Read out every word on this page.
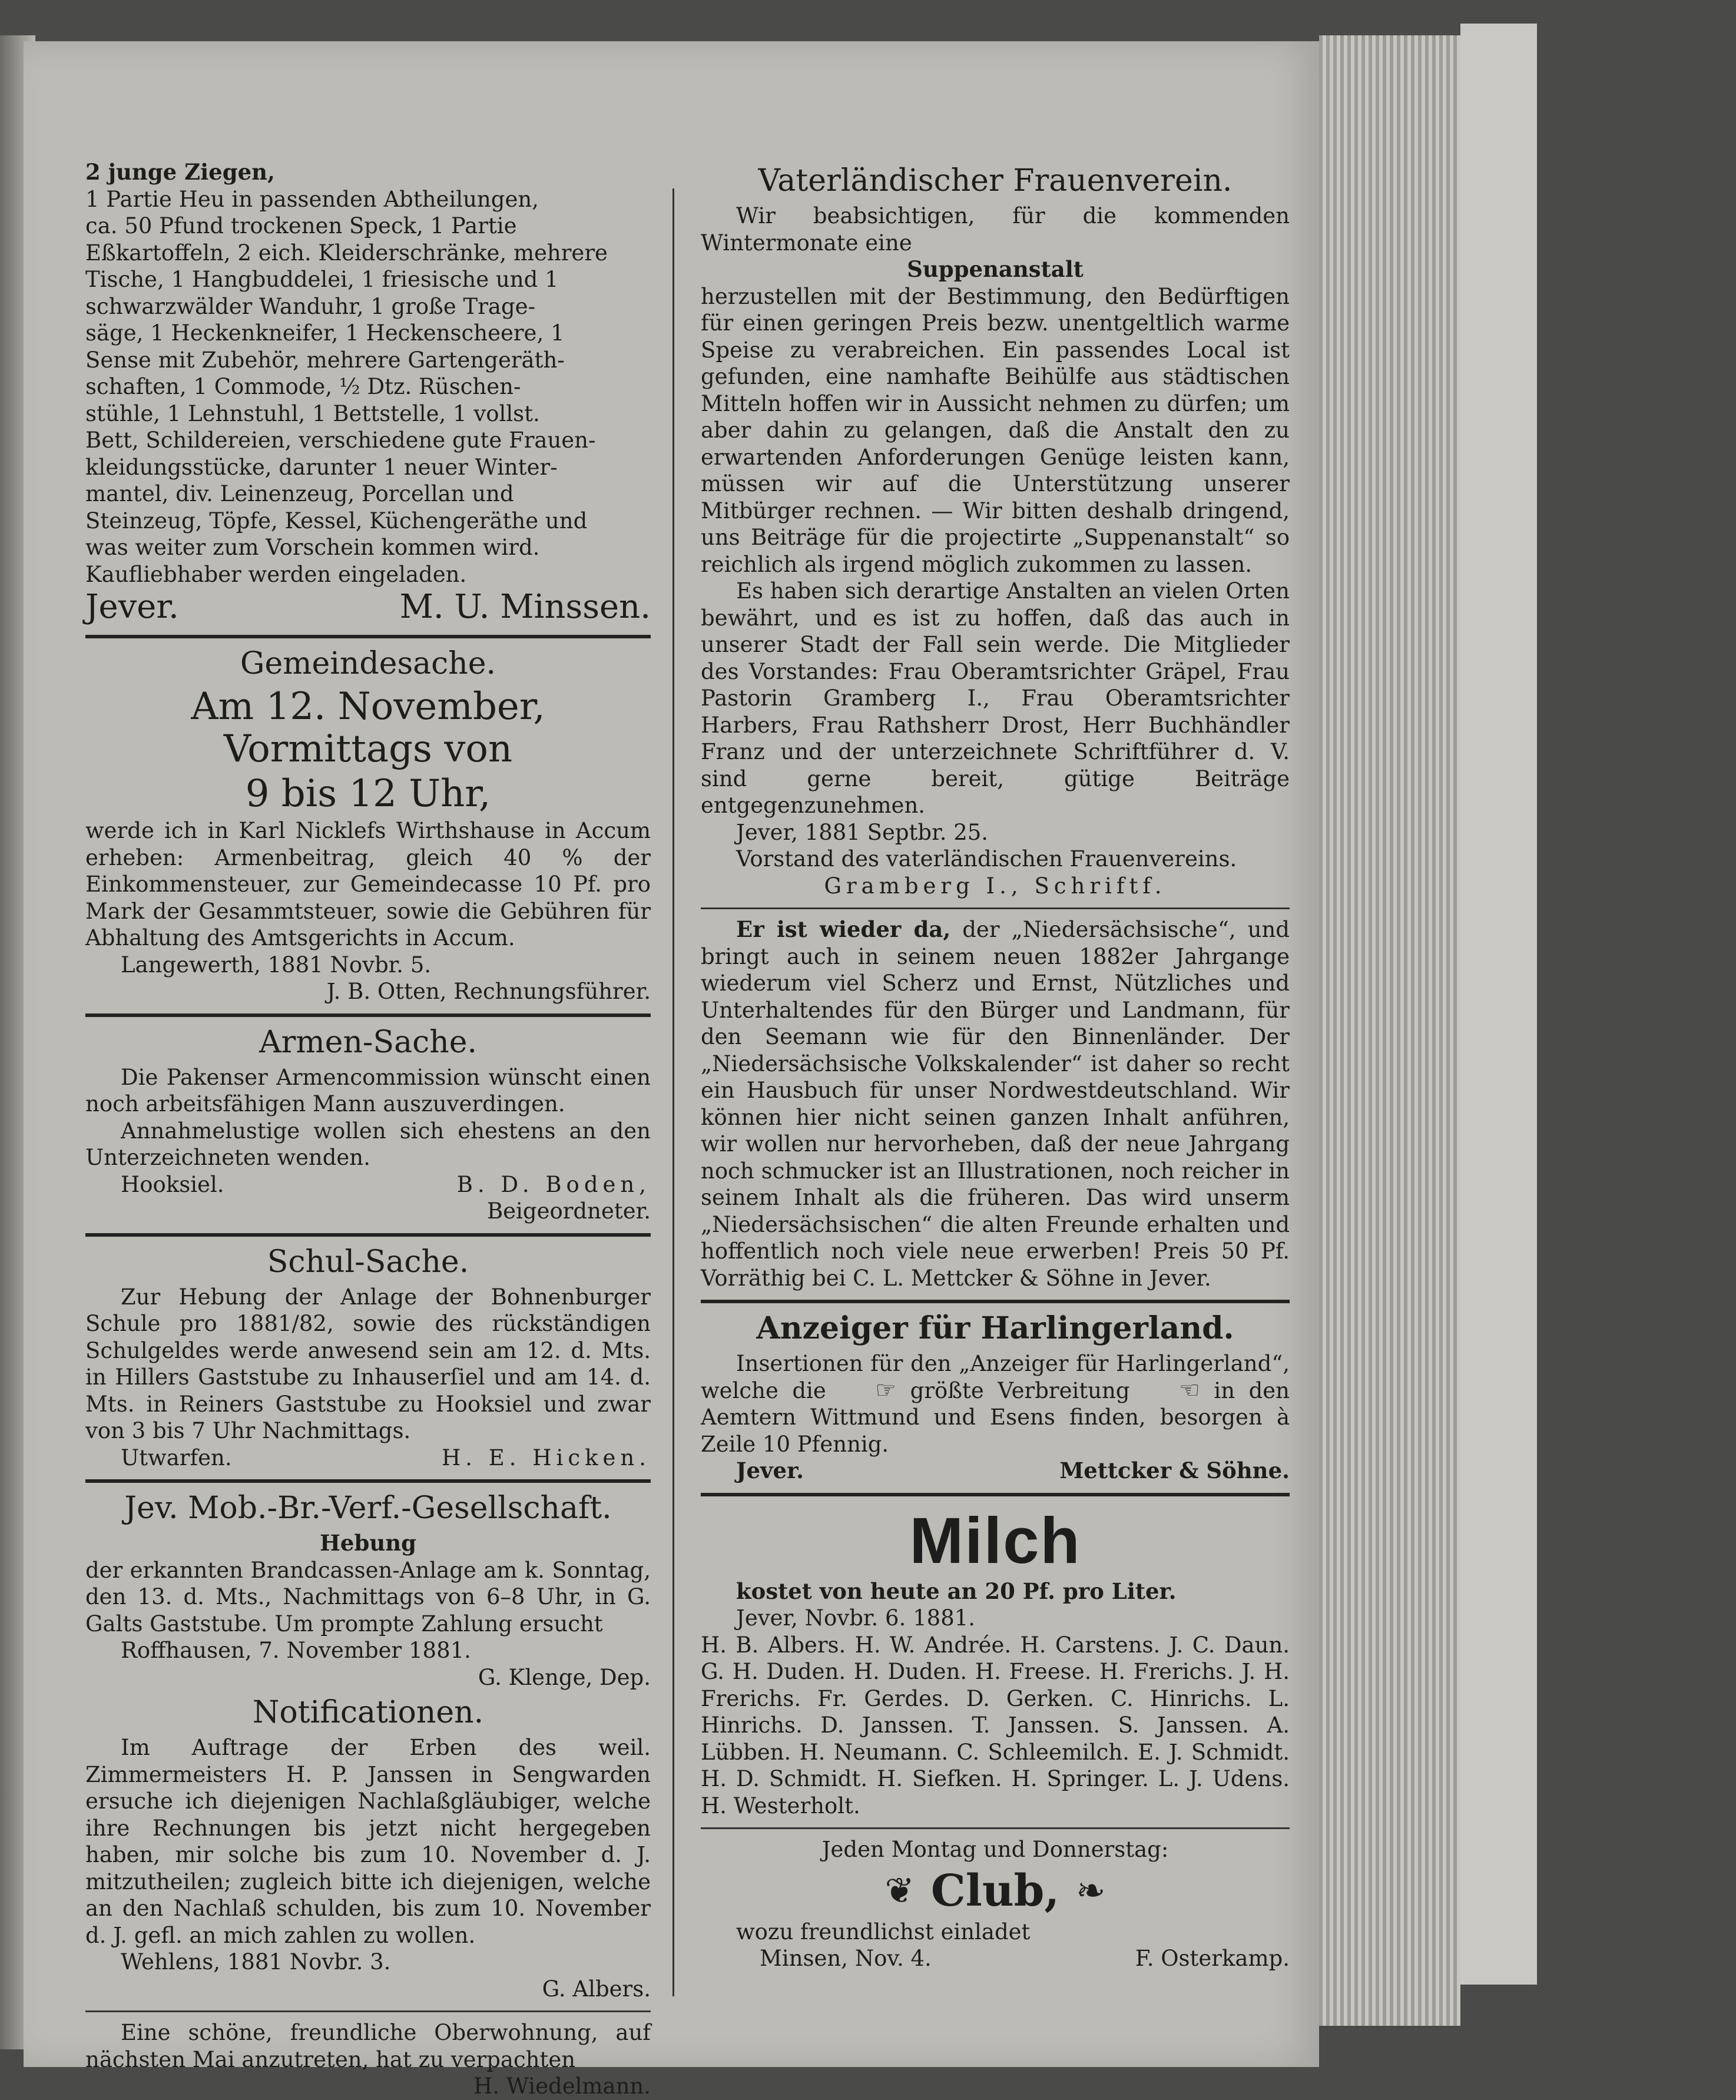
2 junge Ziegen,

1 Partie Heu in passenden Abtheilungen,

ca. 50 Pfund trockenen Speck, 1 Partie

Eßkartoffeln, 2 eich. Kleiderschränke, mehrere

Tische, 1 Hangbuddelei, 1 friesische und 1

schwarzwälder Wanduhr, 1 große Trage-

säge, 1 Heckenkneifer, 1 Heckenscheere, 1

Sense mit Zubehör, mehrere Gartengeräth-

schaften, 1 Commode, ½ Dtz. Rüschen-

stühle, 1 Lehnstuhl, 1 Bettstelle, 1 vollst.

Bett, Schildereien, verschiedene gute Frauen-

kleidungsstücke, darunter 1 neuer Winter-

mantel, div. Leinenzeug, Porcellan und

Steinzeug, Töpfe, Kessel, Küchengeräthe und

was weiter zum Vorschein kommen wird.

Kaufliebhaber werden eingeladen.

Jever.	M. U. Minssen.
Gemeindesache.
Am 12. November, Vormittags von
9 bis 12 Uhr,

werde ich in Karl Nicklefs Wirthshause in Accum erheben: Armenbeitrag, gleich 40 % der Einkommensteuer, zur Gemeindecasse 10 Pf. pro Mark der Gesammtsteuer, sowie die Gebühren für Abhaltung des Amtsgerichts in Accum.

Langewerth, 1881 Novbr. 5.

J. B. Otten, Rechnungsführer.

Armen-Sache.

Die Pakenser Armencommission wünscht einen noch arbeitsfähigen Mann auszuverdingen.

Annahmelustige wollen sich ehestens an den Unterzeichneten wenden.

Hooksiel.	B. D. Boden,

Beigeordneter.

Schul-Sache.

Zur Hebung der Anlage der Bohnenburger Schule pro 1881/82, sowie des rückständigen Schulgeldes werde anwesend sein am 12. d. Mts. in Hillers Gaststube zu Inhauserſiel und am 14. d. Mts. in Reiners Gaststube zu Hooksiel und zwar von 3 bis 7 Uhr Nachmittags.

Utwarfen.	H. E. Hicken.
Jev. Mob.-Br.-Verf.-Gesellschaft.

Hebung

der erkannten Brandcassen-Anlage am k. Sonntag, den 13. d. Mts., Nachmittags von 6–8 Uhr, in G. Galts Gaststube. Um prompte Zahlung ersucht

Roffhausen, 7. November 1881.

G. Klenge, Dep.

Notificationen.

Im Auftrage der Erben des weil. Zimmermeisters H. P. Janssen in Sengwarden ersuche ich diejenigen Nachlaßgläubiger, welche ihre Rechnungen bis jetzt nicht hergegeben haben, mir solche bis zum 10. November d. J. mitzutheilen; zugleich bitte ich diejenigen, welche an den Nachlaß schulden, bis zum 10. November d. J. gefl. an mich zahlen zu wollen.

Wehlens, 1881 Novbr. 3.

G. Albers.

Eine schöne, freundliche Oberwohnung, auf nächsten Mai anzutreten, hat zu verpachten

H. Wiedelmann.

Vaterländischer Frauenverein.

Wir beabsichtigen, für die kommenden Wintermonate eine

Suppenanstalt

herzustellen mit der Bestimmung, den Bedürftigen für einen geringen Preis bezw. unentgeltlich warme Speise zu verabreichen. Ein passendes Local ist gefunden, eine namhafte Beihülfe aus städtischen Mitteln hoffen wir in Aussicht nehmen zu dürfen; um aber dahin zu gelangen, daß die Anstalt den zu erwartenden Anforderungen Genüge leisten kann, müssen wir auf die Unterstützung unserer Mitbürger rechnen. — Wir bitten deshalb dringend, uns Beiträge für die projectirte „Suppenanstalt“ so reichlich als irgend möglich zukommen zu lassen.

Es haben sich derartige Anstalten an vielen Orten bewährt, und es ist zu hoffen, daß das auch in unserer Stadt der Fall sein werde. Die Mitglieder des Vorstandes: Frau Oberamtsrichter Gräpel, Frau Pastorin Gramberg I., Frau Oberamtsrichter Harbers, Frau Rathsherr Drost, Herr Buchhändler Franz und der unterzeichnete Schriftführer d. V. sind gerne bereit, gütige Beiträge entgegenzunehmen.

Jever, 1881 Septbr. 25.

Vorstand des vaterländischen Frauenvereins.

Gramberg I., Schriftf.

Er ist wieder da, der „Niedersächsische“, und bringt auch in seinem neuen 1882er Jahrgange wiederum viel Scherz und Ernst, Nützliches und Unterhaltendes für den Bürger und Landmann, für den Seemann wie für den Binnenländer. Der „Niedersächsische Volkskalender“ ist daher so recht ein Hausbuch für unser Nordwestdeutschland. Wir können hier nicht seinen ganzen Inhalt anführen, wir wollen nur hervorheben, daß der neue Jahrgang noch schmucker ist an Illustrationen, noch reicher in seinem Inhalt als die früheren. Das wird unserm „Niedersächsischen“ die alten Freunde erhalten und hoffentlich noch viele neue erwerben! Preis 50 Pf. Vorräthig bei C. L. Mettcker & Söhne in Jever.

Anzeiger für Harlingerland.

Insertionen für den „Anzeiger für Harlingerland“, welche die ☞ größte Verbreitung ☜ in den Aemtern Wittmund und Esens finden, besorgen à Zeile 10 Pfennig.

Jever.	Mettcker & Söhne.
Milch

kostet von heute an 20 Pf. pro Liter.

Jever, Novbr. 6. 1881.

H. B. Albers. H. W. Andrée. H. Carstens. J. C. Daun. G. H. Duden. H. Duden. H. Freese. H. Frerichs. J. H. Frerichs. Fr. Gerdes. D. Gerken. C. Hinrichs. L. Hinrichs. D. Janssen. T. Janssen. S. Janssen. A. Lübben. H. Neumann. C. Schleemilch. E. J. Schmidt. H. D. Schmidt. H. Siefken. H. Springer. L. J. Udens. H. Westerholt.

Jeden Montag und Donnerstag:

❦ Club, ❧

wozu freundlichst einladet

Minsen, Nov. 4.	F. Osterkamp.
